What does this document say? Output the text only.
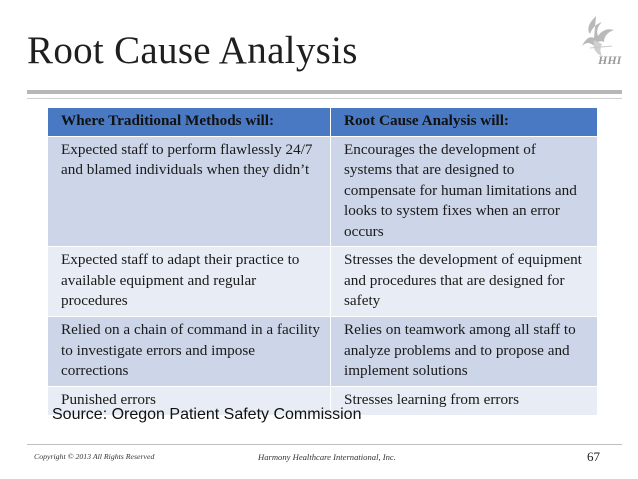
Root Cause Analysis	HHI
Where Traditional Methods will:	Root Cause Analysis will:
Expected staff to perform flawlessly 24/7 and blamed individuals when they didn’t	Encourages the development of systems that are designed to compensate for human limitations and looks to system fixes when an error occurs
Expected staff to adapt their practice to available equipment and regular procedures	Stresses the development of equipment and procedures that are designed for safety
Relied on a chain of command in a facility to investigate errors and impose corrections	Relies on teamwork among all staff to analyze problems and to propose and implement solutions
Punished errors	Stresses learning from errors
Source: Oregon Patient Safety Commission
Copyright © 2013 All Rights Reserved	Harmony Healthcare International, Inc.	67
